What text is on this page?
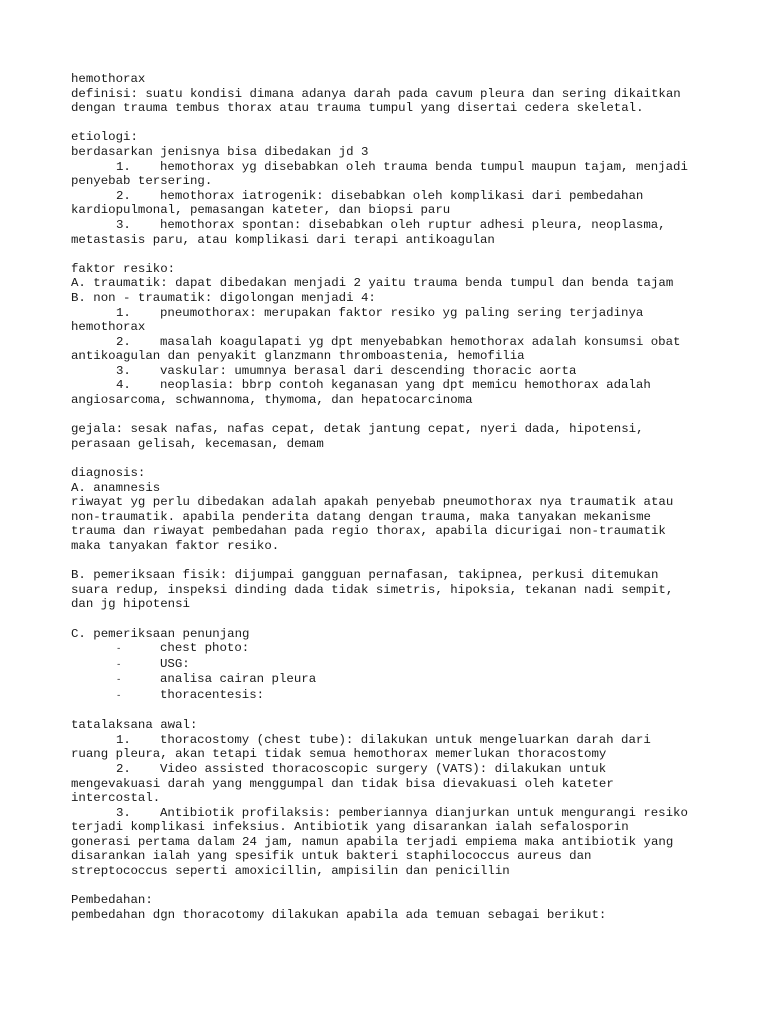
hemothorax
definisi: suatu kondisi dimana adanya darah pada cavum pleura dan sering dikaitkan
dengan trauma tembus thorax atau trauma tumpul yang disertai cedera skeletal.
etiologi:
berdasarkan jenisnya bisa dibedakan jd 3
1. hemothorax yg disebabkan oleh trauma benda tumpul maupun tajam, menjadi
penyebab tersering.
2. hemothorax iatrogenik: disebabkan oleh komplikasi dari pembedahan
kardiopulmonal, pemasangan kateter, dan biopsi paru
3. hemothorax spontan: disebabkan oleh ruptur adhesi pleura, neoplasma,
metastasis paru, atau komplikasi dari terapi antikoagulan
faktor resiko:
A. traumatik: dapat dibedakan menjadi 2 yaitu trauma benda tumpul dan benda tajam
B. non - traumatik: digolongan menjadi 4:
1. pneumothorax: merupakan faktor resiko yg paling sering terjadinya
hemothorax
2. masalah koagulapati yg dpt menyebabkan hemothorax adalah konsumsi obat
antikoagulan dan penyakit glanzmann thromboastenia, hemofilia
3. vaskular: umumnya berasal dari descending thoracic aorta
4. neoplasia: bbrp contoh keganasan yang dpt memicu hemothorax adalah
angiosarcoma, schwannoma, thymoma, dan hepatocarcinoma
gejala: sesak nafas, nafas cepat, detak jantung cepat, nyeri dada, hipotensi,
perasaan gelisah, kecemasan, demam
diagnosis:
A. anamnesis
riwayat yg perlu dibedakan adalah apakah penyebab pneumothorax nya traumatik atau
non-traumatik. apabila penderita datang dengan trauma, maka tanyakan mekanisme
trauma dan riwayat pembedahan pada regio thorax, apabila dicurigai non-traumatik
maka tanyakan faktor resiko.
B. pemeriksaan fisik: dijumpai gangguan pernafasan, takipnea, perkusi ditemukan
suara redup, inspeksi dinding dada tidak simetris, hipoksia, tekanan nadi sempit,
dan jg hipotensi
C. pemeriksaan penunjang
-	chest photo:
-	USG:
-	analisa cairan pleura
-	thoracentesis:
tatalaksana awal:
1. thoracostomy (chest tube): dilakukan untuk mengeluarkan darah dari
ruang pleura, akan tetapi tidak semua hemothorax memerlukan thoracostomy
2. Video assisted thoracoscopic surgery (VATS): dilakukan untuk
mengevakuasi darah yang menggumpal dan tidak bisa dievakuasi oleh kateter
intercostal.
3. Antibiotik profilaksis: pemberiannya dianjurkan untuk mengurangi resiko
terjadi komplikasi infeksius. Antibiotik yang disarankan ialah sefalosporin
gonerasi pertama dalam 24 jam, namun apabila terjadi empiema maka antibiotik yang
disarankan ialah yang spesifik untuk bakteri staphilococcus aureus dan
streptococcus seperti amoxicillin, ampisilin dan penicillin
Pembedahan:
pembedahan dgn thoracotomy dilakukan apabila ada temuan sebagai berikut:
